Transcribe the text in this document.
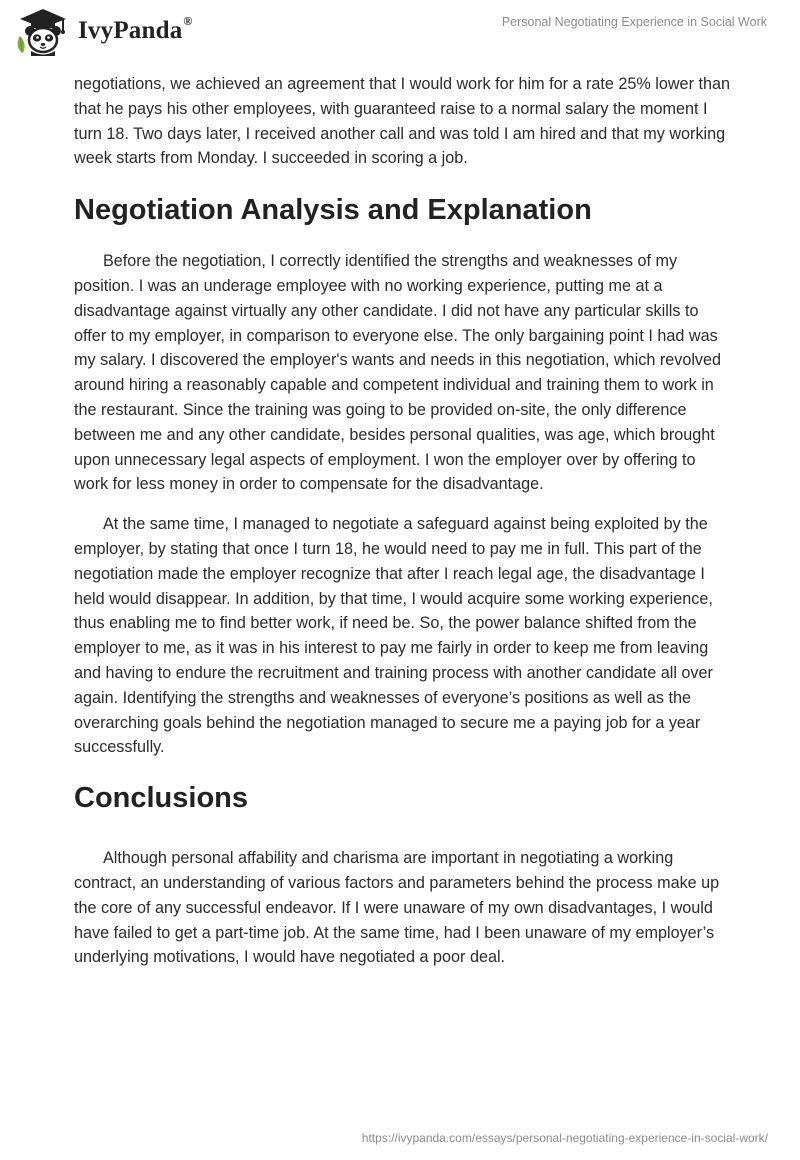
IvyPanda®	Personal Negotiating Experience in Social Work

negotiations, we achieved an agreement that I would work for him for a rate 25% lower than that he pays his other employees, with guaranteed raise to a normal salary the moment I turn 18. Two days later, I received another call and was told I am hired and that my working week starts from Monday. I succeeded in scoring a job.

Negotiation Analysis and Explanation

Before the negotiation, I correctly identified the strengths and weaknesses of my position. I was an underage employee with no working experience, putting me at a disadvantage against virtually any other candidate. I did not have any particular skills to offer to my employer, in comparison to everyone else. The only bargaining point I had was my salary. I discovered the employer's wants and needs in this negotiation, which revolved around hiring a reasonably capable and competent individual and training them to work in the restaurant. Since the training was going to be provided on-site, the only difference between me and any other candidate, besides personal qualities, was age, which brought upon unnecessary legal aspects of employment. I won the employer over by offering to work for less money in order to compensate for the disadvantage.

At the same time, I managed to negotiate a safeguard against being exploited by the employer, by stating that once I turn 18, he would need to pay me in full. This part of the negotiation made the employer recognize that after I reach legal age, the disadvantage I held would disappear. In addition, by that time, I would acquire some working experience, thus enabling me to find better work, if need be. So, the power balance shifted from the employer to me, as it was in his interest to pay me fairly in order to keep me from leaving and having to endure the recruitment and training process with another candidate all over again. Identifying the strengths and weaknesses of everyone’s positions as well as the overarching goals behind the negotiation managed to secure me a paying job for a year successfully.

Conclusions

Although personal affability and charisma are important in negotiating a working contract, an understanding of various factors and parameters behind the process make up the core of any successful endeavor. If I were unaware of my own disadvantages, I would have failed to get a part-time job. At the same time, had I been unaware of my employer’s underlying motivations, I would have negotiated a poor deal.

https://ivypanda.com/essays/personal-negotiating-experience-in-social-work/
